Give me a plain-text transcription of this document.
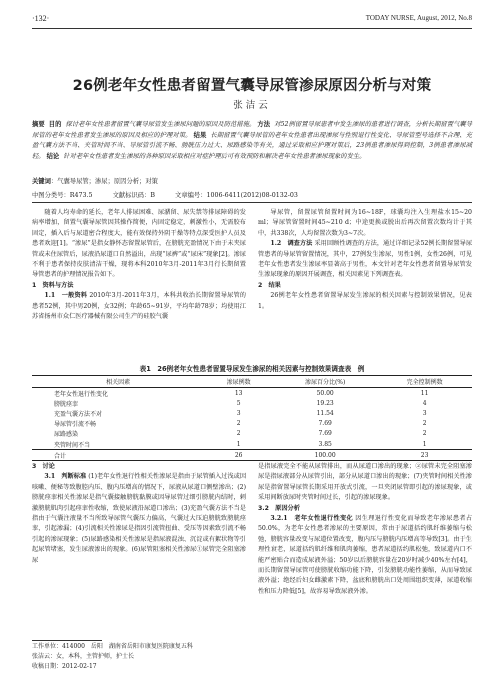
·132·	TODAY NURSE, August, 2012, No.8
26例老年女性患者留置气囊导尿管渗尿原因分析与对策
张洁云
摘要 目的 探讨老年女性患者留置气囊导尿管发生渗尿问题的原因及防范措施。 方法 对52例留置导尿患者中发生渗尿的患者进行调查，分析长期留置气囊导尿管的老年女性患者发生渗尿的原因及相应的护理对策。 结果 长期留置气囊导尿管的老年女性患者出现渗尿与性别退行性变化、导尿管型号选择不合理、充盈气囊方法不当、夹管时间不当、导尿管引流不畅、膀胱压力过大、尿路感染等有关，通过采取相应护理对策后，23例患者渗尿得到控制，3例患者渗尿减轻。 结论 针对老年女性患者发生渗尿的各种原因采取相应对症护理后可有效预防和解决老年女性患者渗尿现象的发生。
关键词：气囊导尿管；渗尿；原因分析；对策
中图分类号：R473.5	文献标识码：B	文章编号：1006-6411(2012)08-0132-03

随着人均寿命的延长，老年人排尿困难、尿潴留、尿失禁等排尿障碍的发病率增加，留置气囊导尿管因其操作简便，内固定稳定，刺激性小，无需胶布固定，插入后与尿道密合程度大，能有效保持外阴干燥等特点深受医护人员及患者欢迎[1]。“渗尿”是指女静怀态留置尿管后，在膀胱充盈情况下由于未夹尿管或未住尿管后，尿液沿尿道口自然溢出，出现“尿裤”或“尿床”现象[2]。渗尿不利于患者保持皮肤清洁干燥，现将本科2010年3月-2011年3月行长期留置导管患者的护理情况报告如下。

1　资料与方法

1.1　一般资料 2010年3月-2011年3月，本科共收治长期留置导尿管的患者52例，其中男20例，女32例；年龄65~91岁，平均年龄78岁；均使用江苏省扬州市众仁医疗器械有限公司生产的硅胶气囊

导尿管，留置尿管留置时间为16~18F，球囊均注入生理盐水15~20 ml；导尿管留置时间45~210 d；中途更换或脱出后再次留置次数均计于其中，共338次，人均留置次数为3~7次。

1.2　调查方法 采用回顾性调查的方法，通过详细记录52例长期留置导尿管患者的导尿管留置情况，其中，27例发生渗尿，男性1例，女性26例，可见老年女性患者发生渗尿率显著高于男性，本文针对老年女性患者留置导尿管发生渗尿现象的原因开展调查，相关因素见下列调查表。

2　结果

26例老年女性患者留置导尿发生渗尿的相关因素与控制效果情况，见表1。

表1　26例老年女性患者留置导尿发生渗尿的相关因素与控制效果调查表　例
相关因素	渗尿例数	渗尿百分比(%)	完全控制例数
老年女性退行性变化	13	50.00	11
膀胱痉挛	5	19.23	4
充盈气囊方法不对	3	11.54	3
导尿管引流不畅	2	7.69	2
尿路感染	2	7.69	2
夹管时间不当	1	3.85	1
合计	26	100.00	23

3　讨论

3.1　判断标准 (1)老年女性退行性相关性渗尿是指由于尿管插入过浅或因咳嗽、便秘等致腹腔内压、腹内压增高的情况下，尿液从尿道口侧壁渗出；(2)膀胱痉挛相关性渗尿是指气囊接触膀胱黏膜或因导尿管过细引膀胱内结时，刺激膀胱肌肉引起痉挛性收缩，致使尿液沿尿道口渗出；(3)充盈气囊方法不当是指由于气囊注液量不当所致导尿管气囊压力偏高，气囊过大压迫膀胱致膀胱痉挛，引起渗漏；(4)引流相关性渗尿是指因引流管扭曲、受压等因素致引流不畅引起的渗尿现象；(5)尿路感染相关性渗尿是指尿液混浊、沉淀或有絮状物等引起尿管堵塞，发生尿液渗出的现象。(6)尿管阻塞相关性渗尿①尿管完全阻塞渗尿

是指尿液完全不能从尿管排出，而从尿道口渗出的现象；②尿管未完全阻塞渗尿是指尿液部分从尿管引出，部分从尿道口渗出的现象；(7)夹管时间相关性渗尿是指留置导尿管长期采用开放式引流，一旦夹闭尿管即引起的渗尿现象，或采用间断放尿时夹管时间过长，引起的渗尿现象。

3.2　原因分析

3.2.1　老年女性退行性变化 因生理退行性变化而导致老年渗尿患者占50.0%，为老年女性患者渗尿的主要原因，常由于尿道括约肌纤维萎缩与松弛，膀胱容量改变与尿道位置改变，腹内压与膀胱内压增高等导致[3]。由于生理性衰老，尿道括约肌纤维和肌肉萎缩，患者尿道括约肌松弛，致尿道内口不能严密贴合而造成尿液外溢；50岁以后膀胱容量在20岁时减少40%左右[4]，而长期留置导尿管可使膀胱收缩功能下降，引发膀胱功能性萎缩，从而导致尿液外溢；绝经后妇女雌激素下降，盆底和膀胱出口处周围组织变薄，尿道收缩性和压力降低[5]，故容易导致尿液外渗。

工作单位：414000　岳阳　湖南省岳阳市康复医院康复五科
张洁云：女，本科，主管护师，护士长
收稿日期：2012-02-17
